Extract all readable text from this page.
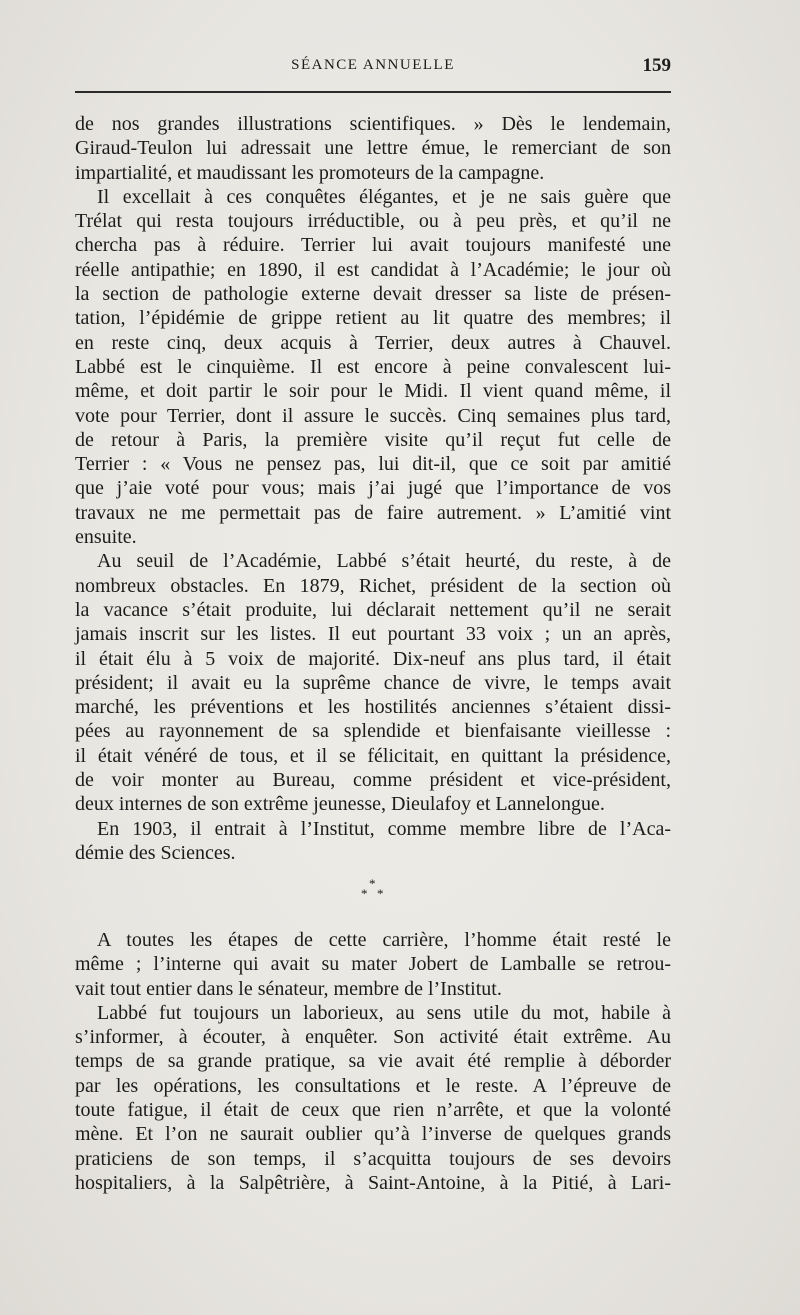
SÉANCE ANNUELLE	159
de nos grandes illustrations scientifiques. » Dès le lendemain,
Giraud-Teulon lui adressait une lettre émue, le remerciant de son
impartialité, et maudissant les promoteurs de la campagne.
Il excellait à ces conquêtes élégantes, et je ne sais guère que
Trélat qui resta toujours irréductible, ou à peu près, et qu’il ne
chercha pas à réduire. Terrier lui avait toujours manifesté une
réelle antipathie; en 1890, il est candidat à l’Académie; le jour où
la section de pathologie externe devait dresser sa liste de présen-
tation, l’épidémie de grippe retient au lit quatre des membres; il
en reste cinq, deux acquis à Terrier, deux autres à Chauvel.
Labbé est le cinquième. Il est encore à peine convalescent lui-
même, et doit partir le soir pour le Midi. Il vient quand même, il
vote pour Terrier, dont il assure le succès. Cinq semaines plus tard,
de retour à Paris, la première visite qu’il reçut fut celle de
Terrier : « Vous ne pensez pas, lui dit-il, que ce soit par amitié
que j’aie voté pour vous; mais j’ai jugé que l’importance de vos
travaux ne me permettait pas de faire autrement. » L’amitié vint
ensuite.
Au seuil de l’Académie, Labbé s’était heurté, du reste, à de
nombreux obstacles. En 1879, Richet, président de la section où
la vacance s’était produite, lui déclarait nettement qu’il ne serait
jamais inscrit sur les listes. Il eut pourtant 33 voix ; un an après,
il était élu à 5 voix de majorité. Dix-neuf ans plus tard, il était
président; il avait eu la suprême chance de vivre, le temps avait
marché, les préventions et les hostilités anciennes s’étaient dissi-
pées au rayonnement de sa splendide et bienfaisante vieillesse :
il était vénéré de tous, et il se félicitait, en quittant la présidence,
de voir monter au Bureau, comme président et vice-président,
deux internes de son extrême jeunesse, Dieulafoy et Lannelongue.
En 1903, il entrait à l’Institut, comme membre libre de l’Aca-
démie des Sciences.
*
* *
A toutes les étapes de cette carrière, l’homme était resté le
même ; l’interne qui avait su mater Jobert de Lamballe se retrou-
vait tout entier dans le sénateur, membre de l’Institut.
Labbé fut toujours un laborieux, au sens utile du mot, habile à
s’informer, à écouter, à enquêter. Son activité était extrême. Au
temps de sa grande pratique, sa vie avait été remplie à déborder
par les opérations, les consultations et le reste. A l’épreuve de
toute fatigue, il était de ceux que rien n’arrête, et que la volonté
mène. Et l’on ne saurait oublier qu’à l’inverse de quelques grands
praticiens de son temps, il s’acquitta toujours de ses devoirs
hospitaliers, à la Salpêtrière, à Saint-Antoine, à la Pitié, à Lari-
